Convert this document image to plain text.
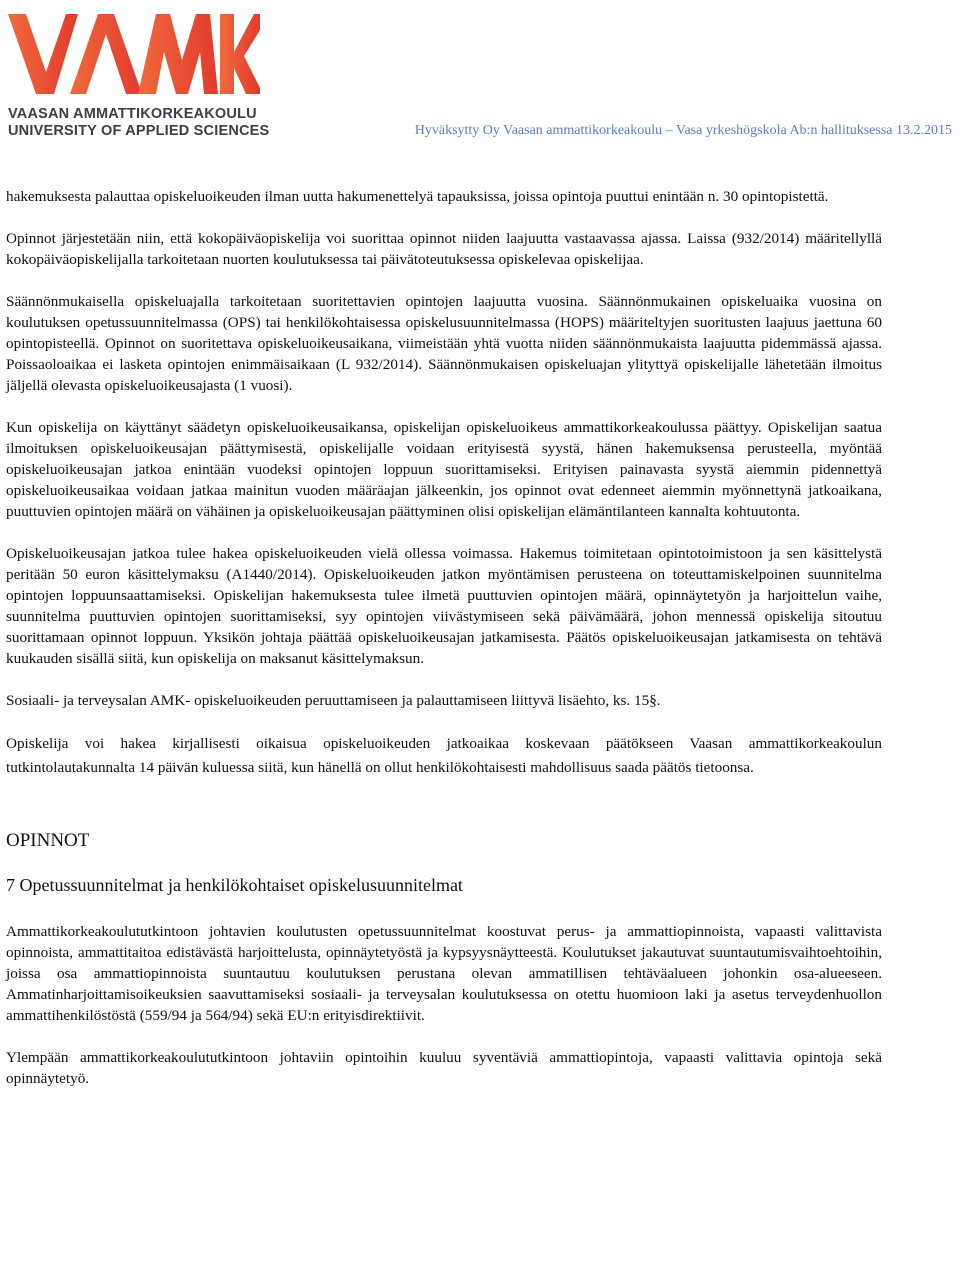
VAASAN AMMATTIKORKEAKOULU
UNIVERSITY OF APPLIED SCIENCES	Hyväksytty Oy Vaasan ammattikorkeakoulu – Vasa yrkeshögskola Ab:n hallituksessa 13.2.2015

hakemuksesta palauttaa opiskeluoikeuden ilman uutta hakumenettelyä tapauksissa, joissa opintoja puuttui enintään n. 30 opintopistettä.

Opinnot järjestetään niin, että kokopäiväopiskelija voi suorittaa opinnot niiden laajuutta vastaavassa ajassa. Laissa (932/2014) määritellyllä kokopäiväopiskelijalla tarkoitetaan nuorten koulutuksessa tai päivätoteutuksessa opiskelevaa opiskelijaa.

Säännönmukaisella opiskeluajalla tarkoitetaan suoritettavien opintojen laajuutta vuosina. Säännönmukainen opiskeluaika vuosina on koulutuksen opetussuunnitelmassa (OPS) tai henkilökohtaisessa opiskelusuunnitelmassa (HOPS) määriteltyjen suoritusten laajuus jaettuna 60 opintopisteellä. Opinnot on suoritettava opiskeluoikeusaikana, viimeistään yhtä vuotta niiden säännönmukaista laajuutta pidemmässä ajassa. Poissaoloaikaa ei lasketa opintojen enimmäisaikaan (L 932/2014). Säännönmukaisen opiskeluajan ylityttyä opiskelijalle lähetetään ilmoitus jäljellä olevasta opiskeluoikeusajasta (1 vuosi).

Kun opiskelija on käyttänyt säädetyn opiskeluoikeusaikansa, opiskelijan opiskeluoikeus ammattikorkeakoulussa päättyy. Opiskelijan saatua ilmoituksen opiskeluoikeusajan päättymisestä, opiskelijalle voidaan erityisestä syystä, hänen hakemuksensa perusteella, myöntää opiskeluoikeusajan jatkoa enintään vuodeksi opintojen loppuun suorittamiseksi. Erityisen painavasta syystä aiemmin pidennettyä opiskeluoikeusaikaa voidaan jatkaa mainitun vuoden määräajan jälkeenkin, jos opinnot ovat edenneet aiemmin myönnettynä jatkoaikana, puuttuvien opintojen määrä on vähäinen ja opiskeluoikeusajan päättyminen olisi opiskelijan elämäntilanteen kannalta kohtuutonta.

Opiskeluoikeusajan jatkoa tulee hakea opiskeluoikeuden vielä ollessa voimassa. Hakemus toimitetaan opintotoimistoon ja sen käsittelystä peritään 50 euron käsittelymaksu (A1440/2014). Opiskeluoikeuden jatkon myöntämisen perusteena on toteuttamiskelpoinen suunnitelma opintojen loppuunsaattamiseksi. Opiskelijan hakemuksesta tulee ilmetä puuttuvien opintojen määrä, opinnäytetyön ja harjoittelun vaihe, suunnitelma puuttuvien opintojen suorittamiseksi, syy opintojen viivästymiseen sekä päivämäärä, johon mennessä opiskelija sitoutuu suorittamaan opinnot loppuun. Yksikön johtaja päättää opiskeluoikeusajan jatkamisesta. Päätös opiskeluoikeusajan jatkamisesta on tehtävä kuukauden sisällä siitä, kun opiskelija on maksanut käsittelymaksun.

Sosiaali- ja terveysalan AMK- opiskeluoikeuden peruuttamiseen ja palauttamiseen liittyvä lisäehto, ks. 15§.

Opiskelija voi hakea kirjallisesti oikaisua opiskeluoikeuden jatkoaikaa koskevaan päätökseen Vaasan ammattikorkeakoulun tutkintolautakunnalta 14 päivän kuluessa siitä, kun hänellä on ollut henkilökohtaisesti mahdollisuus saada päätös tietoonsa.

OPINNOT
7 Opetussuunnitelmat ja henkilökohtaiset opiskelusuunnitelmat

Ammattikorkeakoulututkintoon johtavien koulutusten opetussuunnitelmat koostuvat perus- ja ammattiopinnoista, vapaasti valittavista opinnoista, ammattitaitoa edistävästä harjoittelusta, opinnäytetyöstä ja kypsyysnäytteestä. Koulutukset jakautuvat suuntautumisvaihtoehtoihin, joissa osa ammattiopinnoista suuntautuu koulutuksen perustana olevan ammatillisen tehtäväalueen johonkin osa-alueeseen. Ammatinharjoittamisoikeuksien saavuttamiseksi sosiaali- ja terveysalan koulutuksessa on otettu huomioon laki ja asetus terveydenhuollon ammattihenkilöstöstä (559/94 ja 564/94) sekä EU:n erityisdirektiivit.

Ylempään ammattikorkeakoulututkintoon johtaviin opintoihin kuuluu syventäviä ammattiopintoja, vapaasti valittavia opintoja sekä opinnäytetyö.
